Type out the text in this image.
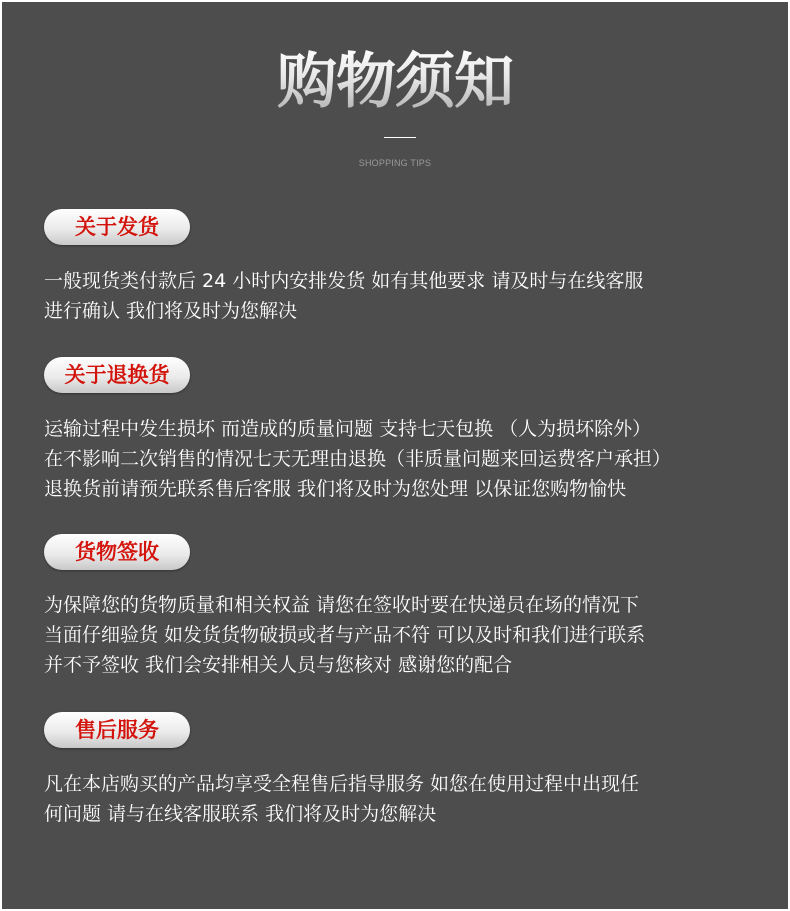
购物须知
SHOPPING TIPS
关于发货
一般现货类付款后 24 小时内安排发货 如有其他要求 请及时与在线客服
进行确认 我们将及时为您解决
关于退换货
运输过程中发生损坏 而造成的质量问题 支持七天包换 （人为损坏除外）
在不影响二次销售的情况七天无理由退换（非质量问题来回运费客户承担）
退换货前请预先联系售后客服 我们将及时为您处理 以保证您购物愉快
货物签收
为保障您的货物质量和相关权益 请您在签收时要在快递员在场的情况下
当面仔细验货 如发货货物破损或者与产品不符 可以及时和我们进行联系
并不予签收 我们会安排相关人员与您核对 感谢您的配合
售后服务
凡在本店购买的产品均享受全程售后指导服务 如您在使用过程中出现任
何问题 请与在线客服联系 我们将及时为您解决
